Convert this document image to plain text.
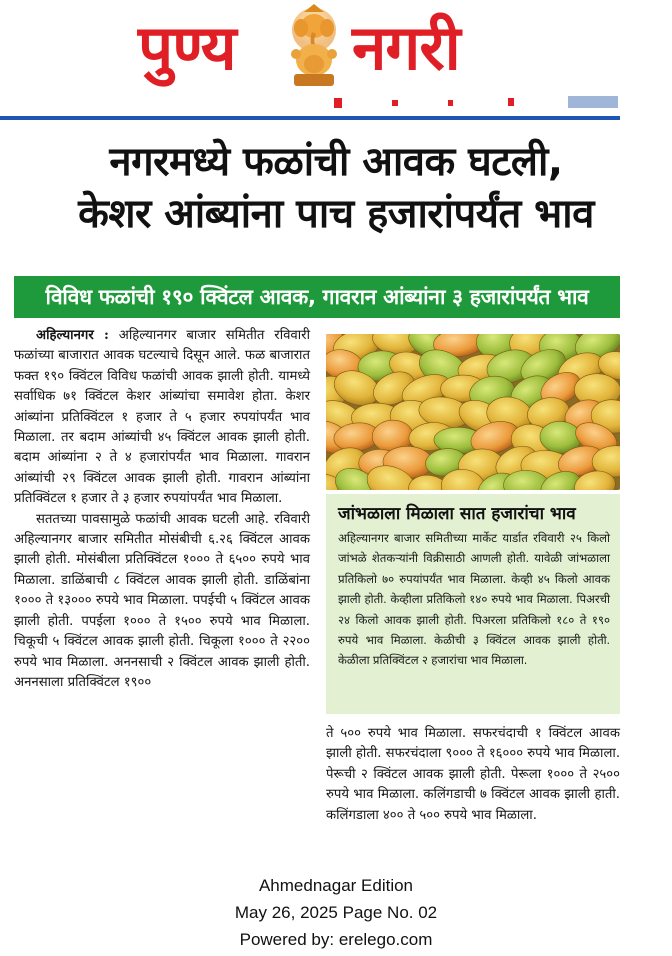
पुण्य नगरी
नगरमध्ये फळांची आवक घटली,
केशर आंब्यांना पाच हजारांपर्यंत भाव
विविध फळांची १९० क्विंटल आवक, गावरान आंब्यांना ३ हजारांपर्यंत भाव

अहिल्यानगर : अहिल्यानगर बाजार समितीत रविवारी फळांच्या बाजारात आवक घटल्याचे दिसून आले. फळ बाजारात फक्त १९० क्विंटल विविध फळांची आवक झाली होती. यामध्ये सर्वाधिक ७१ क्विंटल केशर आंब्यांचा समावेश होता. केशर आंब्यांना प्रतिक्विंटल १ हजार ते ५ हजार रुपयांपर्यंत भाव मिळाला. तर बदाम आंब्यांची ४५ क्विंटल आवक झाली होती. बदाम आंब्यांना २ ते ४ हजारांपर्यंत भाव मिळाला. गावरान आंब्यांची २९ क्विंटल आवक झाली होती. गावरान आंब्यांना प्रतिक्विंटल १ हजार ते ३ हजार रुपयांपर्यंत भाव मिळाला.

सततच्या पावसामुळे फळांची आवक घटली आहे. रविवारी अहिल्यानगर बाजार समितीत मोसंबीची ६.२६ क्विंटल आवक झाली होती. मोसंबीला प्रतिक्विंटल १००० ते ६५०० रुपये भाव मिळाला. डाळिंबाची ८ क्विंटल आवक झाली होती. डाळिंबांना १००० ते १३००० रुपये भाव मिळाला. पपईची ५ क्विंटल आवक झाली होती. पपईला १००० ते १५०० रुपये भाव मिळाला. चिकूची ५ क्विंटल आवक झाली होती. चिकूला १००० ते २२०० रुपये भाव मिळाला. अननसाची २ क्विंटल आवक झाली होती. अननसाला प्रतिक्विंटल १९००

जांभळाला मिळाला सात हजारांचा भाव
अहिल्यानगर बाजार समितीच्या मार्केट यार्डात रविवारी २५ किलो जांभळे शेतकऱ्यांनी विक्रीसाठी आणली होती. यावेळी जांभळाला प्रतिकिलो ७० रुपयांपर्यंत भाव मिळाला. केव्ही ४५ किलो आवक झाली होती. केव्हीला प्रतिकिलो १४० रुपये भाव मिळाला. पिअरची २४ किलो आवक झाली होती. पिअरला प्रतिकिलो १८० ते १९० रुपये भाव मिळाला. केळीची ३ क्विंटल आवक झाली होती. केळीला प्रतिक्विंटल २ हजारांचा भाव मिळाला.

ते ५०० रुपये भाव मिळाला. सफरचंदाची १ क्विंटल आवक झाली होती. सफरचंदाला ९००० ते १६००० रुपये भाव मिळाला. पेरूची २ क्विंटल आवक झाली होती. पेरूला १००० ते २५०० रुपये भाव मिळाला. कलिंगडाची ७ क्विंटल आवक झाली हाती. कलिंगडाला ४०० ते ५०० रुपये भाव मिळाला.

Ahmednagar Edition
May 26, 2025 Page No. 02
Powered by: erelego.com
